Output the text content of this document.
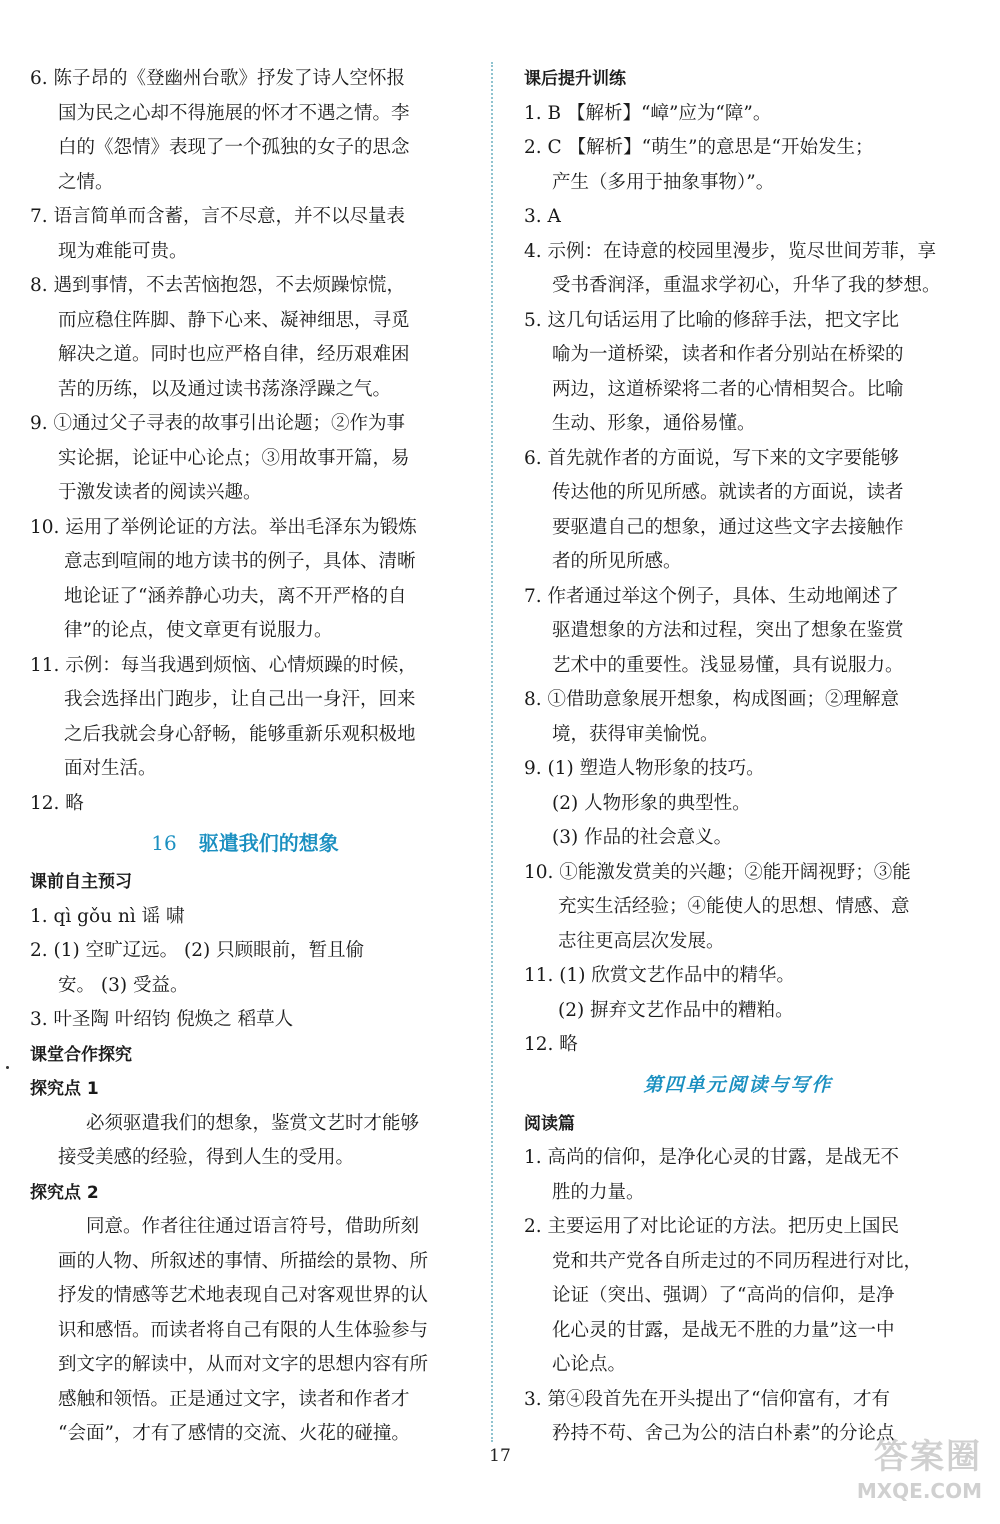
6. 陈子昂的《登幽州台歌》抒发了诗人空怀报
国为民之心却不得施展的怀才不遇之情。李
白的《怨情》表现了一个孤独的女子的思念
之情。
7. 语言简单而含蓄，言不尽意，并不以尽量表
现为难能可贵。
8. 遇到事情，不去苦恼抱怨，不去烦躁惊慌，
而应稳住阵脚、静下心来、凝神细思，寻觅
解决之道。同时也应严格自律，经历艰难困
苦的历练，以及通过读书荡涤浮躁之气。
9. ①通过父子寻表的故事引出论题；②作为事
实论据，论证中心论点；③用故事开篇，易
于激发读者的阅读兴趣。
10. 运用了举例论证的方法。举出毛泽东为锻炼
意志到喧闹的地方读书的例子，具体、清晰
地论证了“涵养静心功夫，离不开严格的自
律”的论点，使文章更有说服力。
11. 示例：每当我遇到烦恼、心情烦躁的时候，
我会选择出门跑步，让自己出一身汗，回来
之后我就会身心舒畅，能够重新乐观积极地
面对生活。
12. 略
16 驱遣我们的想象
课前自主预习
1. qì gǒu nì 谣 啸
2. (1) 空旷辽远。 (2) 只顾眼前，暂且偷
安。 (3) 受益。
3. 叶圣陶 叶绍钧 倪焕之 稻草人
课堂合作探究
探究点 1
必须驱遣我们的想象，鉴赏文艺时才能够
接受美感的经验，得到人生的受用。
探究点 2
同意。作者往往通过语言符号，借助所刻
画的人物、所叙述的事情、所描绘的景物、所
抒发的情感等艺术地表现自己对客观世界的认
识和感悟。而读者将自己有限的人生体验参与
到文字的解读中，从而对文字的思想内容有所
感触和领悟。正是通过文字，读者和作者才
“会面”，才有了感情的交流、火花的碰撞。
课后提升训练
1. B 【解析】“嶂”应为“障”。
2. C 【解析】“萌生”的意思是“开始发生；
产生（多用于抽象事物）”。
3. A
4. 示例：在诗意的校园里漫步，览尽世间芳菲，享
受书香润泽，重温求学初心，升华了我的梦想。
5. 这几句话运用了比喻的修辞手法，把文字比
喻为一道桥梁，读者和作者分别站在桥梁的
两边，这道桥梁将二者的心情相契合。比喻
生动、形象，通俗易懂。
6. 首先就作者的方面说，写下来的文字要能够
传达他的所见所感。就读者的方面说，读者
要驱遣自己的想象，通过这些文字去接触作
者的所见所感。
7. 作者通过举这个例子，具体、生动地阐述了
驱遣想象的方法和过程，突出了想象在鉴赏
艺术中的重要性。浅显易懂，具有说服力。
8. ①借助意象展开想象，构成图画；②理解意
境，获得审美愉悦。
9. (1) 塑造人物形象的技巧。
(2) 人物形象的典型性。
(3) 作品的社会意义。
10. ①能激发赏美的兴趣；②能开阔视野；③能
充实生活经验；④能使人的思想、情感、意
志往更高层次发展。
11. (1) 欣赏文艺作品中的精华。
(2) 摒弃文艺作品中的糟粕。
12. 略
第四单元阅读与写作
阅读篇
1. 高尚的信仰，是净化心灵的甘露，是战无不
胜的力量。
2. 主要运用了对比论证的方法。把历史上国民
党和共产党各自所走过的不同历程进行对比，
论证（突出、强调）了“高尚的信仰，是净
化心灵的甘露，是战无不胜的力量”这一中
心论点。
3. 第④段首先在开头提出了“信仰富有，才有
矜持不苟、舍己为公的洁白朴素”的分论点
17	答案圈
MXQE.COM
